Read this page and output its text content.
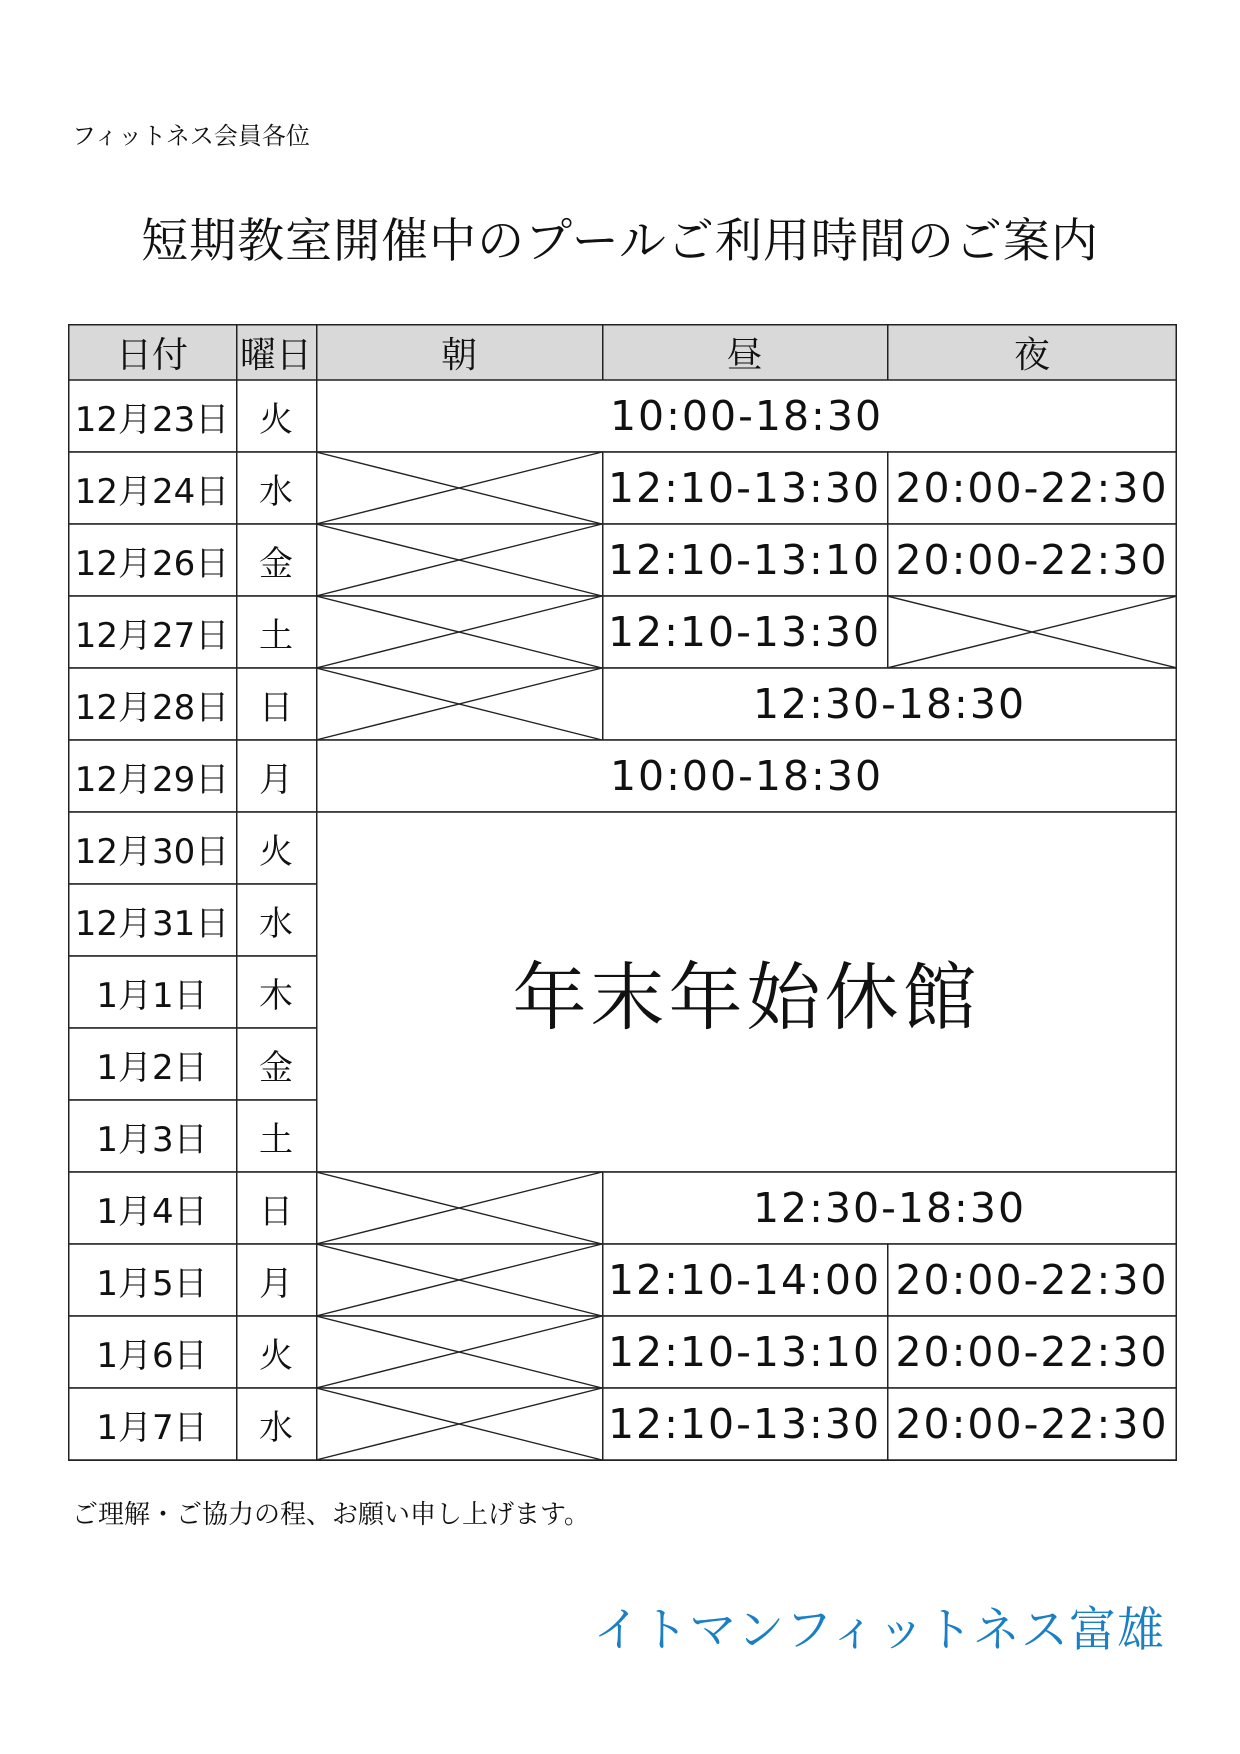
フィットネス会員各位
短期教室開催中のプールご利用時間のご案内
日付	曜日	朝	昼	夜
12月23日 火	10:00-18:30
12月24日 水	12:10-13:30 20:00-22:30
12月26日 金	12:10-13:10 20:00-22:30
12月27日 土	12:10-13:30
12月28日 日	12:30-18:30
12月29日 月	10:00-18:30
12月30日 火
年末年始休館
12月31日 水
1月1日	木
1月2日	金
1月3日	土
1月4日	日	12:30-18:30
1月5日	月	12:10-14:00 20:00-22:30
1月6日	火	12:10-13:10 20:00-22:30
1月7日	水	12:10-13:30 20:00-22:30
ご理解・ご協力の程、お願い申し上げます。
イトマンフィットネス富雄
